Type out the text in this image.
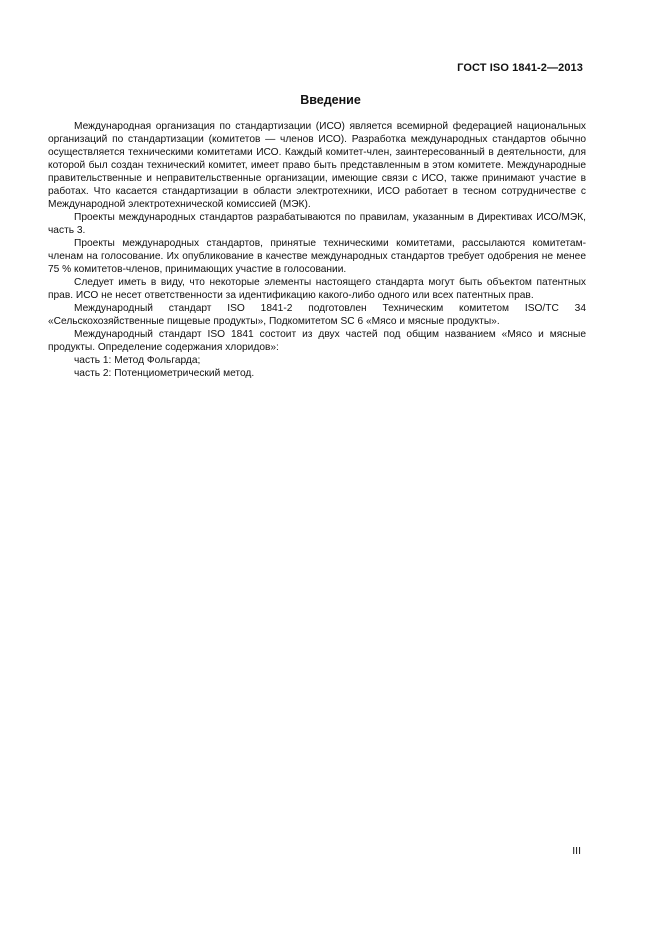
ГОСТ ISO 1841-2—2013
Введение

Международная организация по стандартизации (ИСО) является всемирной федерацией национальных организаций по стандартизации (комитетов — членов ИСО). Разработка международных стандартов обычно осуществляется техническими комитетами ИСО. Каждый комитет-член, заинтересованный в деятельности, для которой был создан технический комитет, имеет право быть представленным в этом комитете. Международные правительственные и неправительственные организации, имеющие связи с ИСО, также принимают участие в работах. Что касается стандартизации в области электротехники, ИСО работает в тесном сотрудничестве с Международной электротехнической комиссией (МЭК).

Проекты международных стандартов разрабатываются по правилам, указанным в Директивах ИСО/МЭК, часть 3.

Проекты международных стандартов, принятые техническими комитетами, рассылаются комитетам-членам на голосование. Их опубликование в качестве международных стандартов требует одобрения не менее 75 % комитетов-членов, принимающих участие в голосовании.

Следует иметь в виду, что некоторые элементы настоящего стандарта могут быть объектом патентных прав. ИСО не несет ответственности за идентификацию какого-либо одного или всех патентных прав.

Международный стандарт ISO 1841-2 подготовлен Техническим комитетом ISO/TC 34 «Сельскохозяйственные пищевые продукты», Подкомитетом SC 6 «Мясо и мясные продукты».

Международный стандарт ISO 1841 состоит из двух частей под общим названием «Мясо и мясные продукты. Определение содержания хлоридов»:

часть 1: Метод Фольгарда;

часть 2: Потенциометрический метод.

III
